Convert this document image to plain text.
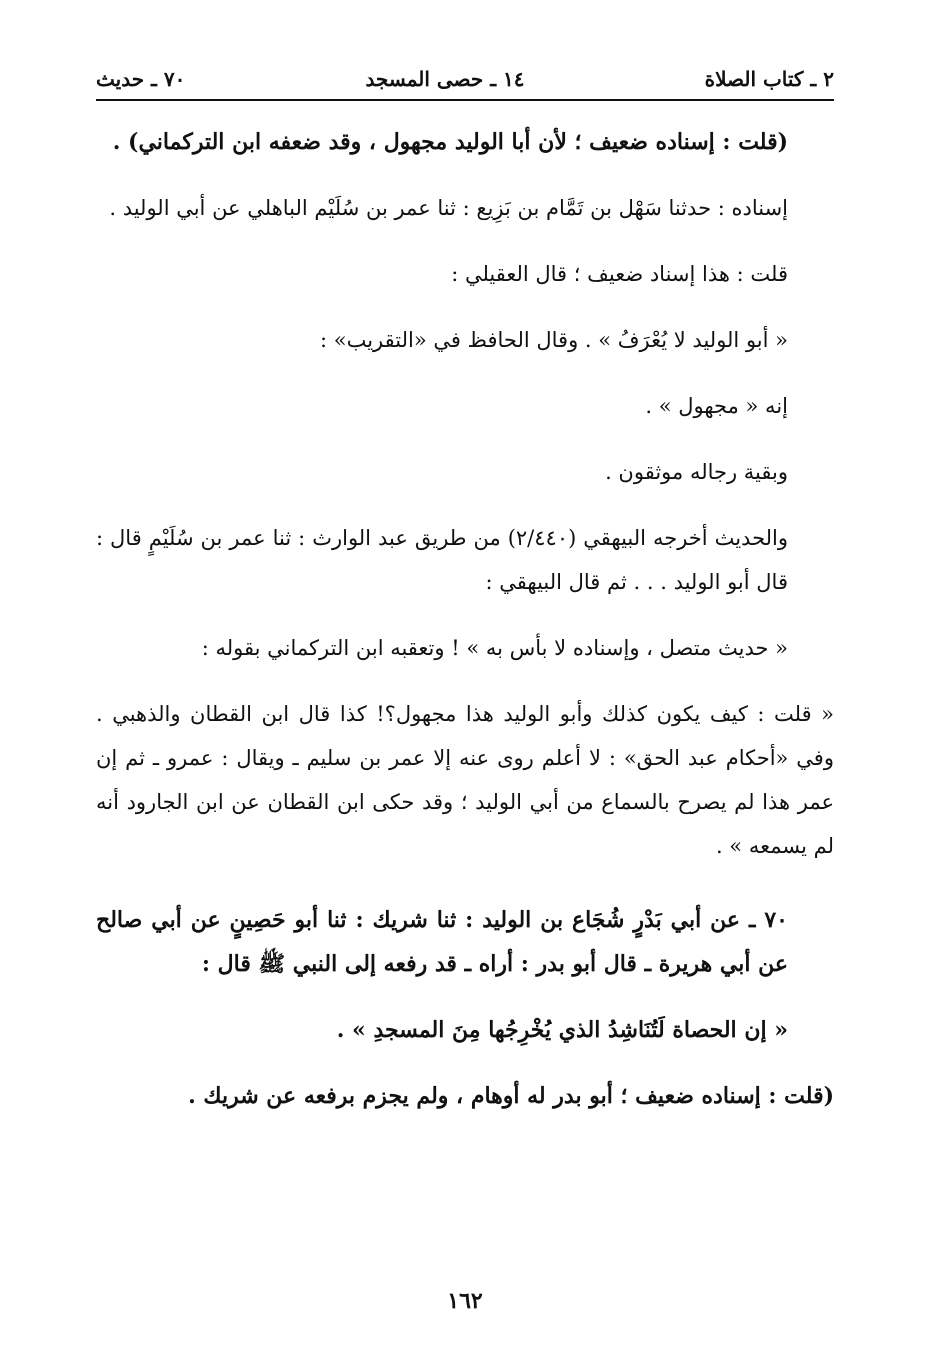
٢ ـ كتاب الصلاة
١٤ ـ حصى المسجد
٧٠ ـ حديث

(قلت : إسناده ضعيف ؛ لأن أبا الوليد مجهول ، وقد ضعفه ابن التركماني) .

إسناده : حدثنا سَهْل بن تَمَّام بن بَزِيع : ثنا عمر بن سُلَيْم الباهلي عن أبي الوليد .

قلت : هذا إسناد ضعيف ؛ قال العقيلي :

« أبو الوليد لا يُعْرَفُ » . وقال الحافظ في «التقريب» :

إنه « مجهول » .

وبقية رجاله موثقون .

والحديث أخرجه البيهقي (٢/٤٤٠) من طريق عبد الوارث : ثنا عمر بن سُلَيْمٍ قال : قال أبو الوليد . . . ثم قال البيهقي :

« حديث متصل ، وإسناده لا بأس به » ! وتعقبه ابن التركماني بقوله :

« قلت : كيف يكون كذلك وأبو الوليد هذا مجهول؟! كذا قال ابن القطان والذهبي . وفي «أحكام عبد الحق» : لا أعلم روى عنه إلا عمر بن سليم ـ ويقال : عمرو ـ ثم إن عمر هذا لم يصرح بالسماع من أبي الوليد ؛ وقد حكى ابن القطان عن ابن الجارود أنه لم يسمعه » .

٧٠ ـ عن أبي بَدْرٍ شُجَاع بن الوليد : ثنا شريك : ثنا أبو حَصِينٍ عن أبي صالح عن أبي هريرة ـ قال أبو بدر : أراه ـ قد رفعه إلى النبي ﷺ قال :

« إن الحصاة لَتُنَاشِدُ الذي يُخْرِجُها مِنَ المسجدِ » .

(قلت : إسناده ضعيف ؛ أبو بدر له أوهام ، ولم يجزم برفعه عن شريك .

١٦٢
